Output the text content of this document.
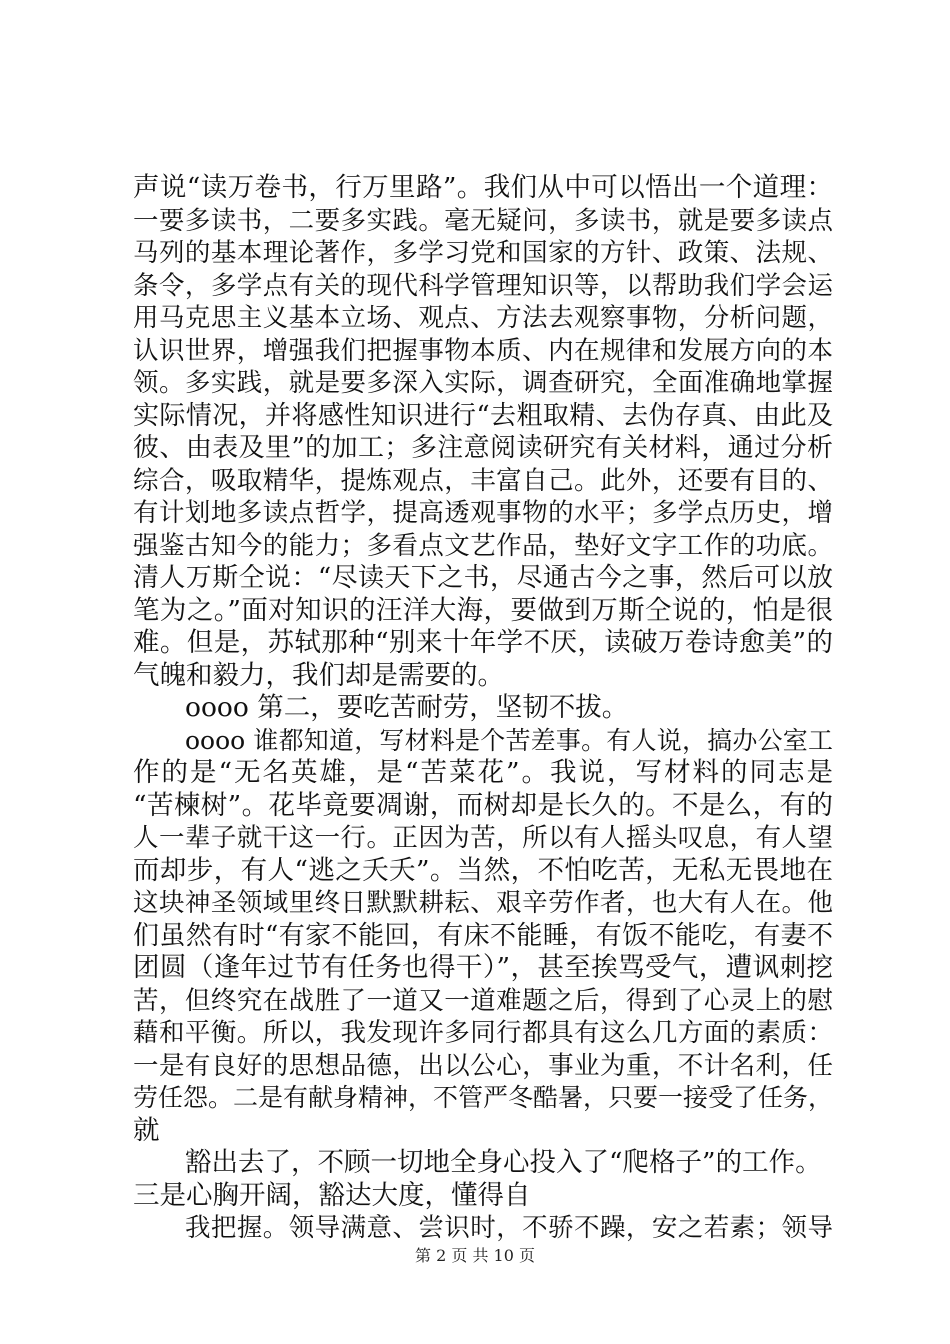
声说“读万卷书，行万里路”。我们从中可以悟出一个道理：
一要多读书，二要多实践。毫无疑问，多读书，就是要多读点
马列的基本理论著作，多学习党和国家的方针、政策、法规、
条令，多学点有关的现代科学管理知识等，以帮助我们学会运
用马克思主义基本立场、观点、方法去观察事物，分析问题，
认识世界，增强我们把握事物本质、内在规律和发展方向的本
领。多实践，就是要多深入实际，调查研究，全面准确地掌握
实际情况，并将感性知识进行“去粗取精、去伪存真、由此及
彼、由表及里”的加工；多注意阅读研究有关材料，通过分析
综合，吸取精华，提炼观点，丰富自己。此外，还要有目的、
有计划地多读点哲学，提高透观事物的水平；多学点历史，增
强鉴古知今的能力；多看点文艺作品，垫好文字工作的功底。
清人万斯仝说：“尽读天下之书，尽通古今之事，然后可以放
笔为之。”面对知识的汪洋大海，要做到万斯仝说的，怕是很
难。但是，苏轼那种“别来十年学不厌，读破万卷诗愈美”的
气魄和毅力，我们却是需要的。
oooo 第二，要吃苦耐劳，坚韧不拔。
oooo 谁都知道，写材料是个苦差事。有人说，搞办公室工
作的是“无名英雄，是“苦菜花”。我说，写材料的同志是
“苦楝树”。花毕竟要凋谢，而树却是长久的。不是么，有的
人一辈子就干这一行。正因为苦，所以有人摇头叹息，有人望
而却步，有人“逃之夭夭”。当然，不怕吃苦，无私无畏地在
这块神圣领域里终日默默耕耘、艰辛劳作者，也大有人在。他
们虽然有时“有家不能回，有床不能睡，有饭不能吃，有妻不
团圆（逢年过节有任务也得干）”，甚至挨骂受气，遭讽刺挖
苦，但终究在战胜了一道又一道难题之后，得到了心灵上的慰
藉和平衡。所以，我发现许多同行都具有这么几方面的素质：
一是有良好的思想品德，出以公心，事业为重，不计名利，任
劳任怨。二是有献身精神，不管严冬酷暑，只要一接受了任务，
就
豁出去了，不顾一切地全身心投入了“爬格子”的工作。
三是心胸开阔，豁达大度，懂得自
我把握。领导满意、尝识时，不骄不躁，安之若素；领导
第 2 页 共 10 页
